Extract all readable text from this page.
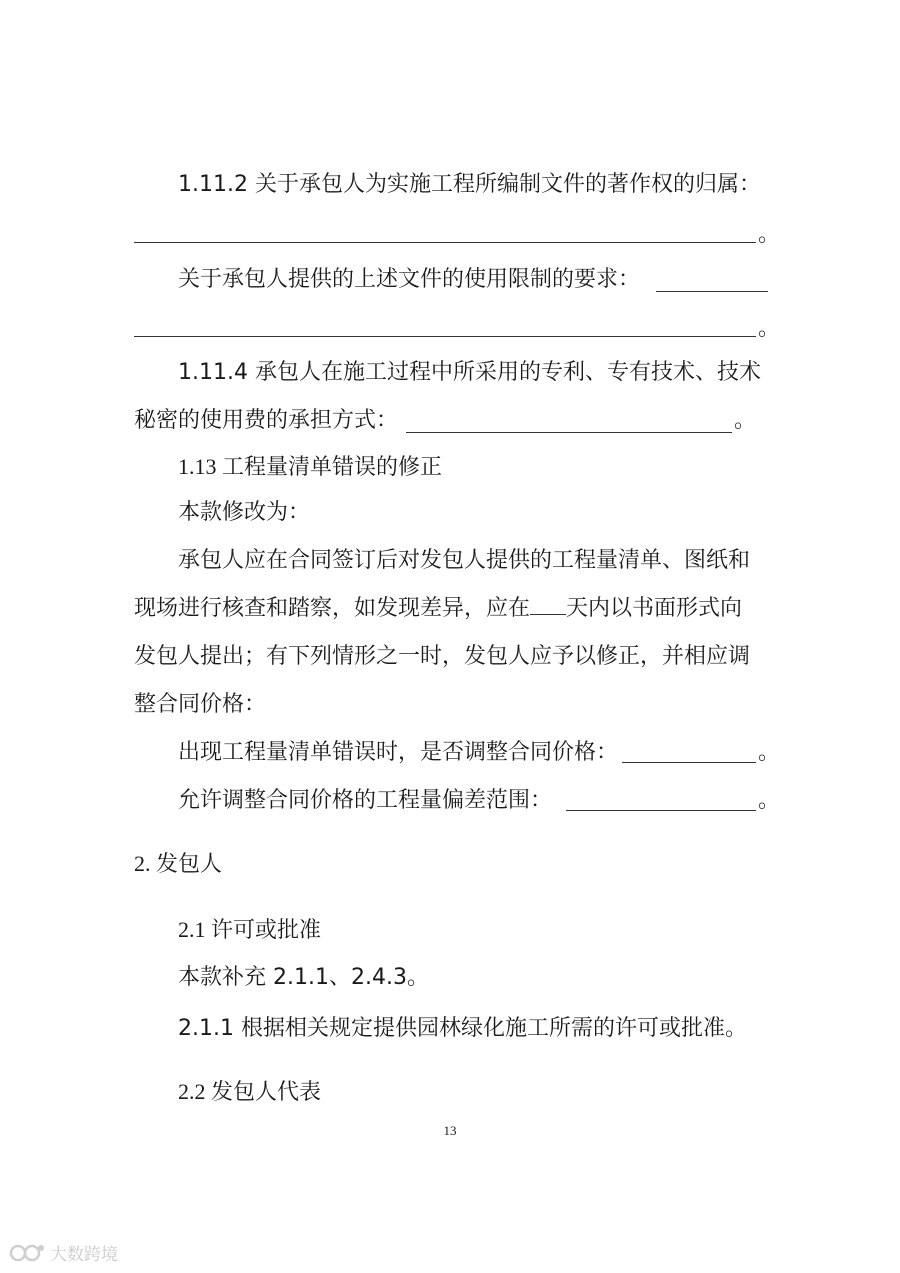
1.11.2 关于承包人为实施工程所编制文件的著作权的归属：

。

关于承包人提供的上述文件的使用限制的要求：

。

1.11.4 承包人在施工过程中所采用的专利、专有技术、技术

秘密的使用费的承担方式：	。

1.13 工程量清单错误的修正

本款修改为：

承包人应在合同签订后对发包人提供的工程量清单、图纸和

现场进行核查和踏察，如发现差异，应在 天内以书面形式向

发包人提出；有下列情形之一时，发包人应予以修正，并相应调

整合同价格：

出现工程量清单错误时，是否调整合同价格：	。

允许调整合同价格的工程量偏差范围：	。

2. 发包人

2.1 许可或批准

本款补充 2.1.1、2.4.3。

2.1.1 根据相关规定提供园林绿化施工所需的许可或批准。

2.2 发包人代表

13
大数跨境
